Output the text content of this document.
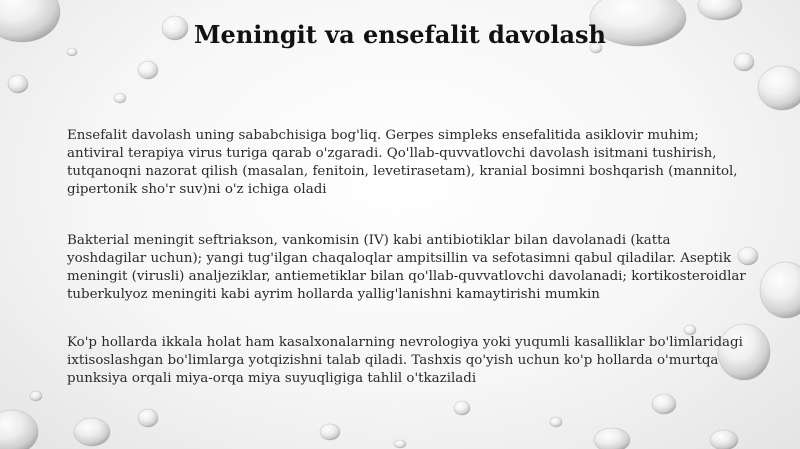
Meningit va ensefalit davolash

Ensefalit davolash uning sababchisiga bog'liq. Gerpes simpleks ensefalitida asiklovir muhim; antiviral terapiya virus turiga qarab o'zgaradi. Qo'llab-quvvatlovchi davolash isitmani tushirish, tutqanoqni nazorat qilish (masalan, fenitoin, levetirasetam), kranial bosimni boshqarish (mannitol, gipertonik sho'r suv)ni o'z ichiga oladi

Bakterial meningit seftriakson, vankomisin (IV) kabi antibiotiklar bilan davolanadi (katta yoshdagilar uchun); yangi tug'ilgan chaqaloqlar ampitsillin va sefotasimni qabul qiladilar. Aseptik meningit (virusli) analjeziklar, antiemetiklar bilan qo'llab-quvvatlovchi davolanadi; kortikosteroidlar tuberkulyoz meningiti kabi ayrim hollarda yallig'lanishni kamaytirishi mumkin

Ko'p hollarda ikkala holat ham kasalxonalarning nevrologiya yoki yuqumli kasalliklar bo'limlaridagi ixtisoslashgan bo'limlarga yotqizishni talab qiladi. Tashxis qo'yish uchun ko'p hollarda o'murtqa punksiya orqali miya-orqa miya suyuqligiga tahlil o'tkaziladi
